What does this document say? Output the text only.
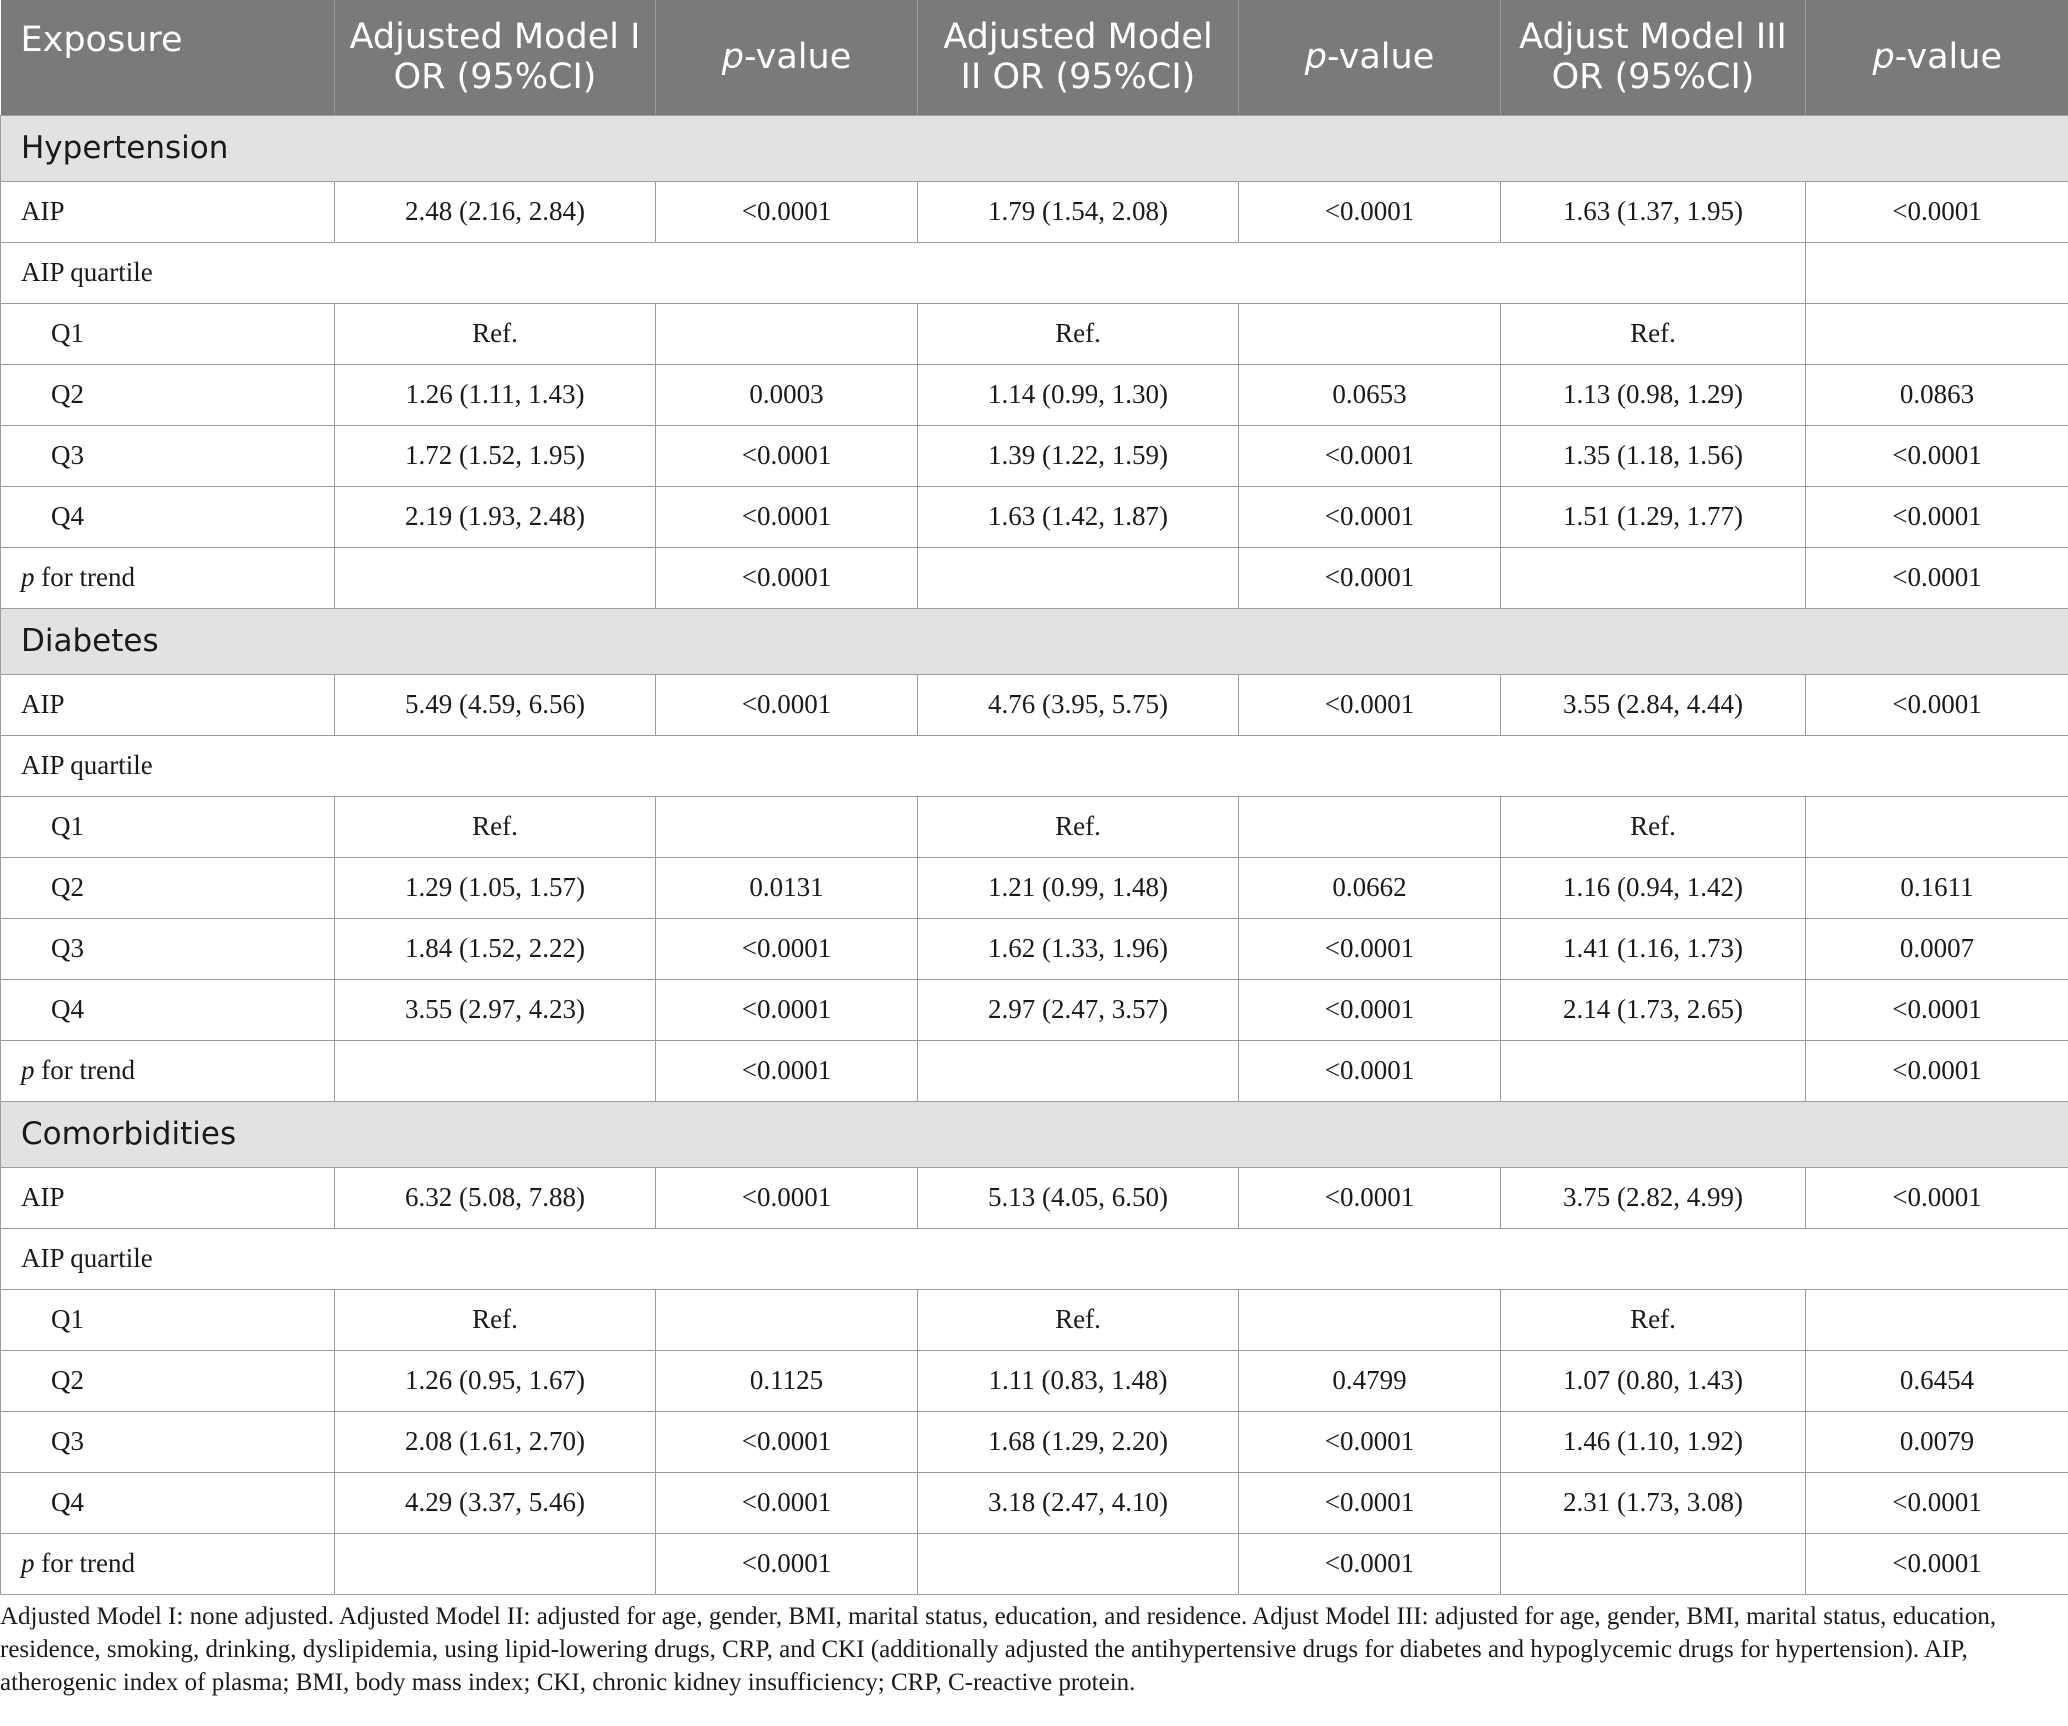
Exposure	Adjusted Model I OR (95%CI)	p-value	Adjusted Model II OR (95%CI)	p-value	Adjust Model III OR (95%CI)	p-value
Hypertension						
AIP	2.48 (2.16, 2.84)	<0.0001	1.79 (1.54, 2.08)	<0.0001	1.63 (1.37, 1.95)	<0.0001
AIP quartile						
Q1	Ref.		Ref.		Ref.	
Q2	1.26 (1.11, 1.43)	0.0003	1.14 (0.99, 1.30)	0.0653	1.13 (0.98, 1.29)	0.0863
Q3	1.72 (1.52, 1.95)	<0.0001	1.39 (1.22, 1.59)	<0.0001	1.35 (1.18, 1.56)	<0.0001
Q4	2.19 (1.93, 2.48)	<0.0001	1.63 (1.42, 1.87)	<0.0001	1.51 (1.29, 1.77)	<0.0001
p for trend		<0.0001		<0.0001		<0.0001
Diabetes						
AIP	5.49 (4.59, 6.56)	<0.0001	4.76 (3.95, 5.75)	<0.0001	3.55 (2.84, 4.44)	<0.0001
AIP quartile						
Q1	Ref.		Ref.		Ref.	
Q2	1.29 (1.05, 1.57)	0.0131	1.21 (0.99, 1.48)	0.0662	1.16 (0.94, 1.42)	0.1611
Q3	1.84 (1.52, 2.22)	<0.0001	1.62 (1.33, 1.96)	<0.0001	1.41 (1.16, 1.73)	0.0007
Q4	3.55 (2.97, 4.23)	<0.0001	2.97 (2.47, 3.57)	<0.0001	2.14 (1.73, 2.65)	<0.0001
p for trend		<0.0001		<0.0001		<0.0001
Comorbidities						
AIP	6.32 (5.08, 7.88)	<0.0001	5.13 (4.05, 6.50)	<0.0001	3.75 (2.82, 4.99)	<0.0001
AIP quartile						
Q1	Ref.		Ref.		Ref.	
Q2	1.26 (0.95, 1.67)	0.1125	1.11 (0.83, 1.48)	0.4799	1.07 (0.80, 1.43)	0.6454
Q3	2.08 (1.61, 2.70)	<0.0001	1.68 (1.29, 2.20)	<0.0001	1.46 (1.10, 1.92)	0.0079
Q4	4.29 (3.37, 5.46)	<0.0001	3.18 (2.47, 4.10)	<0.0001	2.31 (1.73, 3.08)	<0.0001
p for trend		<0.0001		<0.0001		<0.0001

Adjusted Model I: none adjusted. Adjusted Model II: adjusted for age, gender, BMI, marital status, education, and residence. Adjust Model III: adjusted for age, gender, BMI, marital status, education, residence, smoking, drinking, dyslipidemia, using lipid-lowering drugs, CRP, and CKI (additionally adjusted the antihypertensive drugs for diabetes and hypoglycemic drugs for hypertension). AIP, atherogenic index of plasma; BMI, body mass index; CKI, chronic kidney insufficiency; CRP, C-reactive protein.
